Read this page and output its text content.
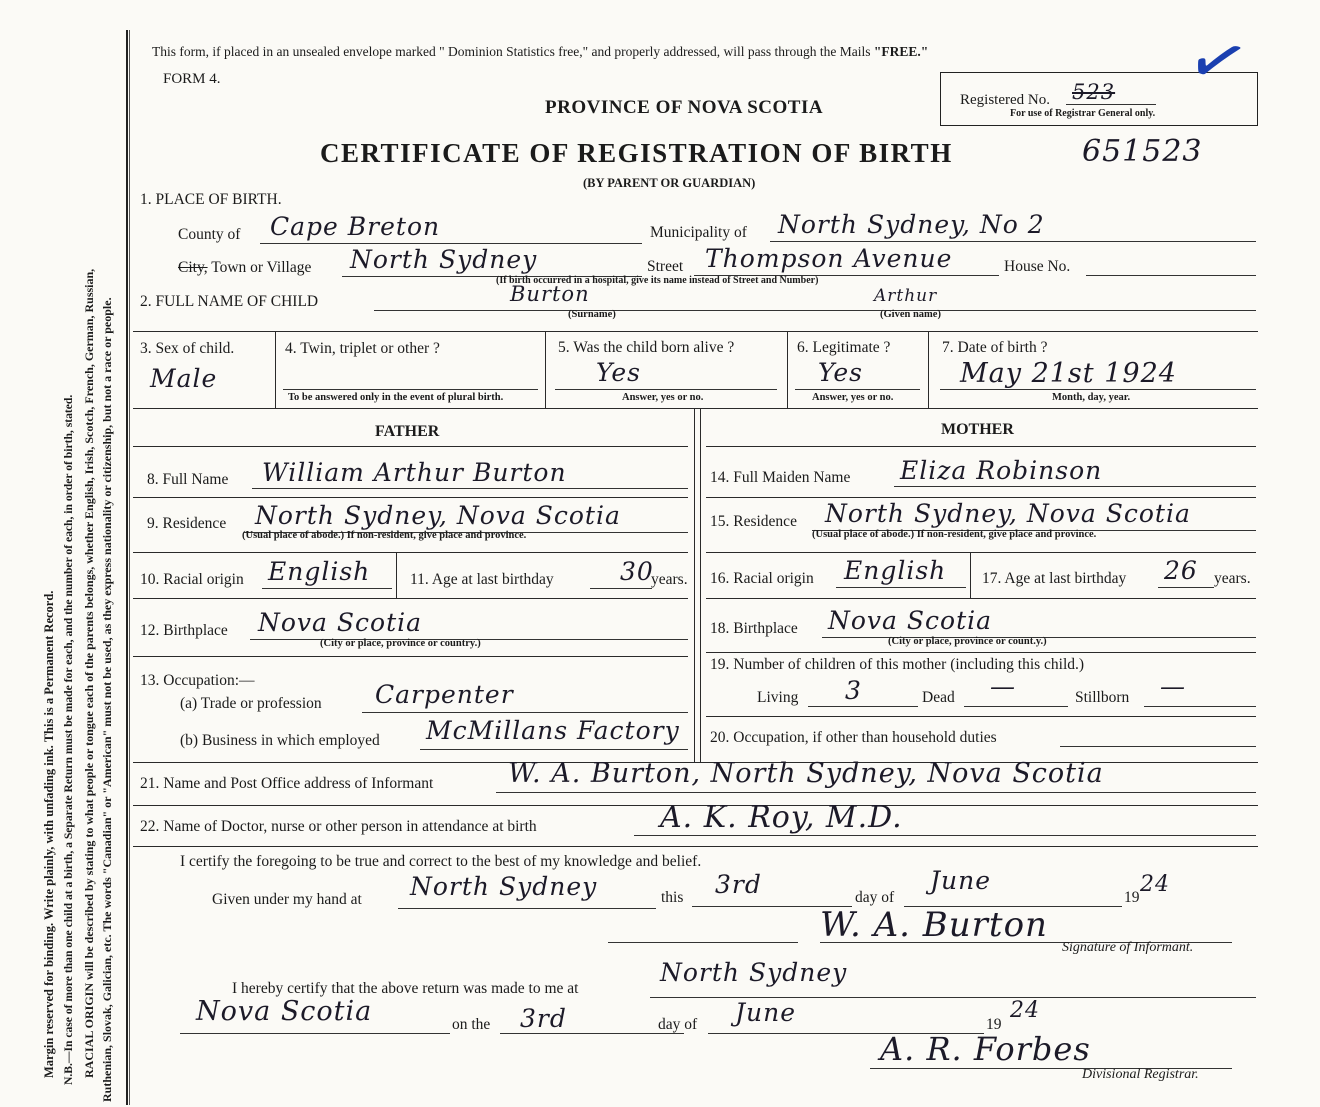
Margin reserved for binding. Write plainly, with unfading ink. This is a Permanent Record. N.B.—In case of more than one child at a birth, a Separate Return must be made for each, and the number of each, in order of birth, stated. RACIAL ORIGIN will be described by stating to what people or tongue each of the parents belongs, whether English, Irish, Scotch, French, German, Russian, Ruthenian, Slovak, Galician, etc. The words "Canadian" or "American" must not be used, as they express nationality or citizenship, but not a race or people.
This form, if placed in an unsealed envelope marked " Dominion Statistics free," and properly addressed, will pass through the Mails "FREE."
FORM 4.
PROVINCE OF NOVA SCOTIA
CERTIFICATE OF REGISTRATION OF BIRTH	651523
(BY PARENT OR GUARDIAN)
Registered No. 523
For use of Registrar General only.
✓
1. PLACE OF BIRTH.
County of Cape Breton	Municipality of North Sydney, No 2
City, Town or Village North Sydney
(If birth occurred in a hospital, give its name instead of Street and Number)
Street Thompson Avenue	House No.
2. FULL NAME OF CHILD	Burton
(Surname)
Arthur
(Given name)
3. Sex of child.
Male
4. Twin, triplet or other ?
To be answered only in the event of plural birth.
5. Was the child born alive ?
Yes
Answer, yes or no.
6. Legitimate ?
Yes
Answer, yes or no.
7. Date of birth ?
May 21st 1924
Month, day, year.
FATHER	MOTHER
8. Full Name William Arthur Burton
9. Residence North Sydney, Nova Scotia
(Usual place of abode.) If non-resident, give place and province.
10. Racial origin English	11. Age at last birthday	30
years.
12. Birthplace Nova Scotia
(City or place, province or country.)
13. Occupation:—
(a) Trade or profession Carpenter
(b) Business in which employed McMillans Factory
14. Full Maiden Name Eliza Robinson
15. Residence North Sydney, Nova Scotia
(Usual place of abode.) If non-resident, give place and province.
16. Racial origin English 17. Age at last birthday 26 years.
18. Birthplace Nova Scotia
(City or place, province or count.y.)
19. Number of children of this mother (including this child.)
Living 3	Dead —	Stillborn —
20. Occupation, if other than household duties
21. Name and Post Office address of Informant	W. A. Burton, North Sydney, Nova Scotia
22. Name of Doctor, nurse or other person in attendance at birth	A. K. Roy, M.D.
I certify the foregoing to be true and correct to the best of my knowledge and belief.
Given under my hand at North Sydney	this 3rd	day of
June
19
24
W. A. Burton
Signature of Informant.
I hereby certify that the above return was made to me at
North Sydney
Nova Scotia	on the 3rd	day of June	19
24
A. R. Forbes
Divisional Registrar.
